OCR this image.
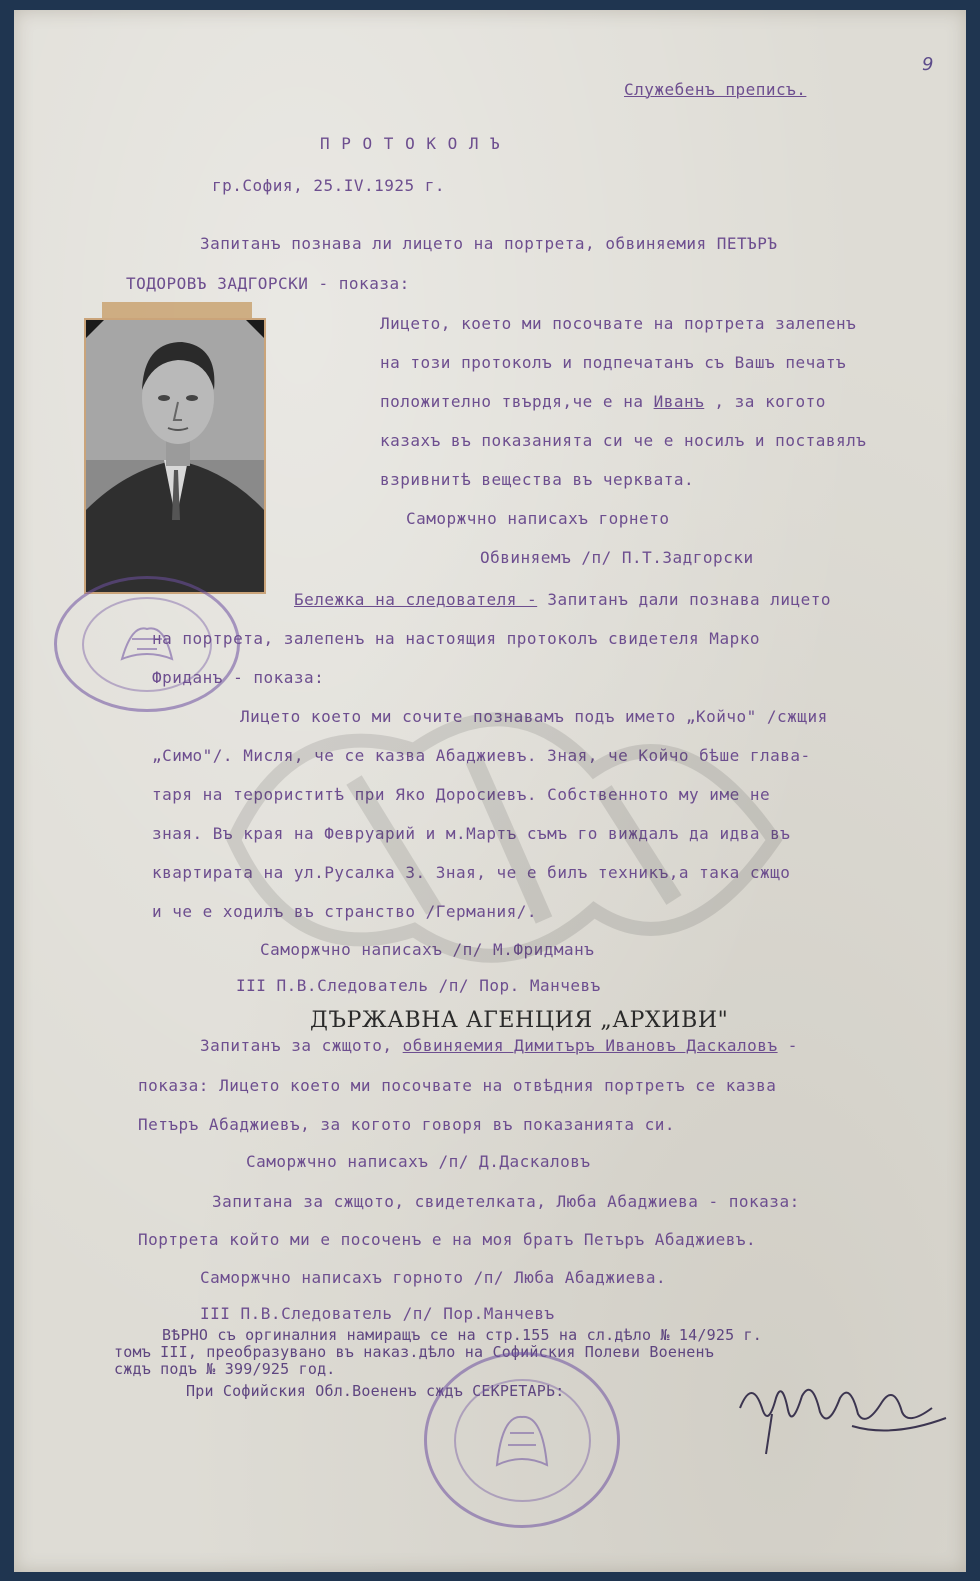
9
Служебенъ преписъ.
П Р О Т О К О Л Ъ
гр.София, 25.IV.1925 г.
Запитанъ познава ли лицето на портрета, обвиняемия ПЕТЪРЪ
ТОДОРОВЪ ЗАДГОРСКИ - показа:
Лицето, което ми посочвате на портрета залепенъ
на този протоколъ и подпечатанъ съ Вашъ печатъ
положително твърдя,че е на Иванъ , за когото
казахъ въ показанията си че е носилъ и поставялъ
взривнитѣ вещества въ черквата.
Саморжчно написахъ горнето
Обвиняемъ /п/ П.Т.Задгорски
Бележка на следователя - Запитанъ дали познава лицето
на портрета, залепенъ на настоящия протоколъ свидетеля Марко
Фриданъ - показа:
Лицето което ми сочите познавамъ подъ името „Койчо" /сжщия
„Симо"/. Мисля, че се казва Абаджиевъ. Зная, че Койчо бѣше главa-
таря на терориститѣ при Яко Доросиевъ. Собственното му име не
зная. Въ края на Февруарий и м.Мартъ съмъ го виждалъ да идва въ
квартирата на ул.Русалка 3. Зная, че е билъ техникъ,а така сжщо
и че е ходилъ въ странство /Германия/.
Саморжчно написахъ /п/ М.Фридманъ
III П.В.Следователь /п/ Пор. Манчевъ
ДЪРЖАВНА АГЕНЦИЯ „АРХИВИ"
Запитанъ за сжщото, обвиняемия Димитъръ Ивановъ Даскаловъ -
показа: Лицето което ми посочвате на отвѣдния портретъ се казва
Петъръ Абаджиевъ, за когото говоря въ показанията си.
Саморжчно написахъ /п/ Д.Даскаловъ
Запитана за сжщото, свидетелката, Люба Абаджиева - показа:
Портрета който ми е посоченъ е на моя братъ Петъръ Абаджиевъ.
Саморжчно написахъ горното /п/ Люба Абаджиева.
III П.В.Следователь /п/ Пор.Манчевъ
ВѢРНО съ оргиналния намиращъ се на стр.155 на сл.дѣло № 14/925 г.
томъ III, преобразувано въ наказ.дѣло на Софийския Полеви Воененъ
сждъ подъ № 399/925 год.
При Софийския Обл.Воененъ сждъ СЕКРЕТАРЬ:
